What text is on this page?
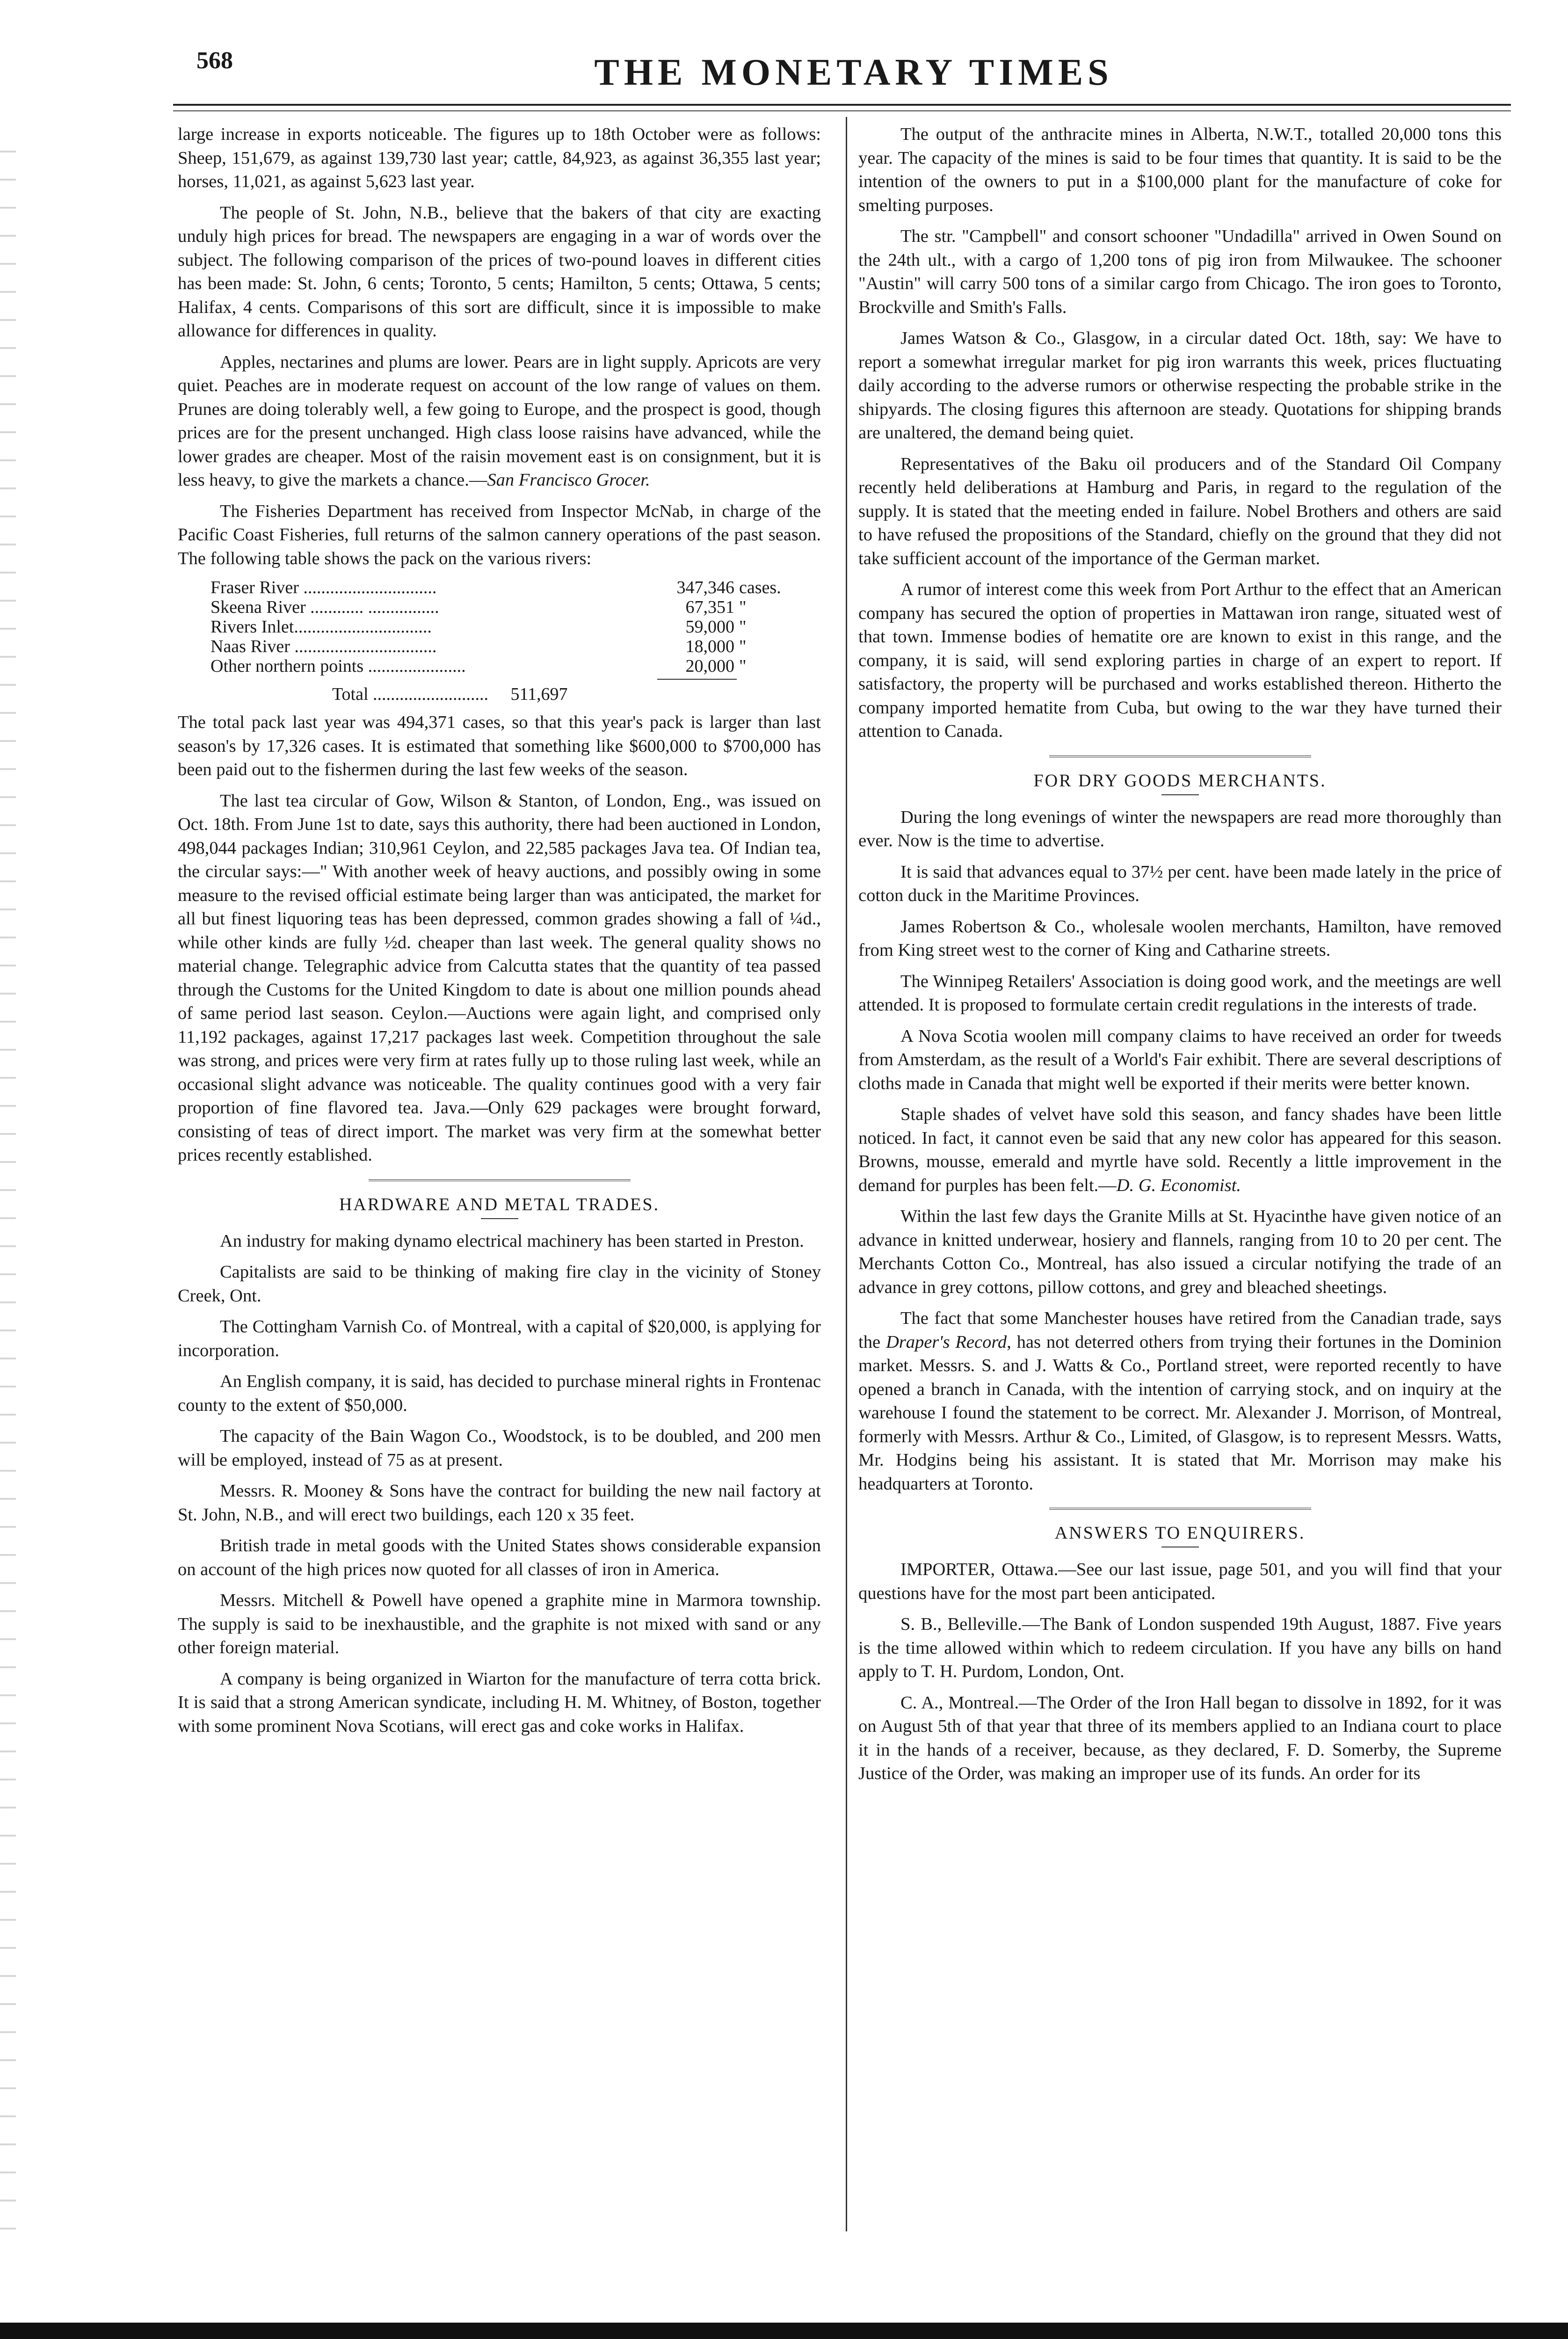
568	THE MONETARY TIMES

large increase in exports noticeable. The figures up to 18th October were as follows: Sheep, 151,679, as against 139,730 last year; cattle, 84,923, as against 36,355 last year; horses, 11,021, as against 5,623 last year.

The people of St. John, N.B., believe that the bakers of that city are exacting unduly high prices for bread. The newspapers are engaging in a war of words over the subject. The following comparison of the prices of two-pound loaves in different cities has been made: St. John, 6 cents; Toronto, 5 cents; Hamilton, 5 cents; Ottawa, 5 cents; Halifax, 4 cents. Comparisons of this sort are difficult, since it is impossible to make allowance for differences in quality.

Apples, nectarines and plums are lower. Pears are in light supply. Apricots are very quiet. Peaches are in moderate request on account of the low range of values on them. Prunes are doing tolerably well, a few going to Europe, and the prospect is good, though prices are for the present unchanged. High class loose raisins have advanced, while the lower grades are cheaper. Most of the raisin movement east is on consignment, but it is less heavy, to give the markets a chance.—San Francisco Grocer.

The Fisheries Department has received from Inspector McNab, in charge of the Pacific Coast Fisheries, full returns of the salmon cannery operations of the past season. The following table shows the pack on the various rivers:

Fraser River ..............................	347,346	cases.
Skeena River ............ ................	67,351	"
Rivers Inlet...............................	59,000	"
Naas River ................................	18,000	"
Other northern points ......................	20,000	"
Total .......................... 511,697

The total pack last year was 494,371 cases, so that this year's pack is larger than last season's by 17,326 cases. It is estimated that something like $600,000 to $700,000 has been paid out to the fishermen during the last few weeks of the season.

The last tea circular of Gow, Wilson & Stanton, of London, Eng., was issued on Oct. 18th. From June 1st to date, says this authority, there had been auctioned in London, 498,044 packages Indian; 310,961 Ceylon, and 22,585 packages Java tea. Of Indian tea, the circular says:—" With another week of heavy auctions, and possibly owing in some measure to the revised official estimate being larger than was anticipated, the market for all but finest liquoring teas has been depressed, common grades showing a fall of ¼d., while other kinds are fully ½d. cheaper than last week. The general quality shows no material change. Telegraphic advice from Calcutta states that the quantity of tea passed through the Customs for the United Kingdom to date is about one million pounds ahead of same period last season. Ceylon.—Auctions were again light, and comprised only 11,192 packages, against 17,217 packages last week. Competition throughout the sale was strong, and prices were very firm at rates fully up to those ruling last week, while an occasional slight advance was noticeable. The quality continues good with a very fair proportion of fine flavored tea. Java.—Only 629 packages were brought forward, consisting of teas of direct import. The market was very firm at the somewhat better prices recently established.

HARDWARE AND METAL TRADES.

An industry for making dynamo electrical machinery has been started in Preston.

Capitalists are said to be thinking of making fire clay in the vicinity of Stoney Creek, Ont.

The Cottingham Varnish Co. of Montreal, with a capital of $20,000, is applying for incorporation.

An English company, it is said, has decided to purchase mineral rights in Frontenac county to the extent of $50,000.

The capacity of the Bain Wagon Co., Woodstock, is to be doubled, and 200 men will be employed, instead of 75 as at present.

Messrs. R. Mooney & Sons have the contract for building the new nail factory at St. John, N.B., and will erect two buildings, each 120 x 35 feet.

British trade in metal goods with the United States shows considerable expansion on account of the high prices now quoted for all classes of iron in America.

Messrs. Mitchell & Powell have opened a graphite mine in Marmora township. The supply is said to be inexhaustible, and the graphite is not mixed with sand or any other foreign material.

A company is being organized in Wiarton for the manufacture of terra cotta brick. It is said that a strong American syndicate, including H. M. Whitney, of Boston, together with some prominent Nova Scotians, will erect gas and coke works in Halifax.

The output of the anthracite mines in Alberta, N.W.T., totalled 20,000 tons this year. The capacity of the mines is said to be four times that quantity. It is said to be the intention of the owners to put in a $100,000 plant for the manufacture of coke for smelting purposes.

The str. "Campbell" and consort schooner "Undadilla" arrived in Owen Sound on the 24th ult., with a cargo of 1,200 tons of pig iron from Milwaukee. The schooner "Austin" will carry 500 tons of a similar cargo from Chicago. The iron goes to Toronto, Brockville and Smith's Falls.

James Watson & Co., Glasgow, in a circular dated Oct. 18th, say: We have to report a somewhat irregular market for pig iron warrants this week, prices fluctuating daily according to the adverse rumors or otherwise respecting the probable strike in the shipyards. The closing figures this afternoon are steady. Quotations for shipping brands are unaltered, the demand being quiet.

Representatives of the Baku oil producers and of the Standard Oil Company recently held deliberations at Hamburg and Paris, in regard to the regulation of the supply. It is stated that the meeting ended in failure. Nobel Brothers and others are said to have refused the propositions of the Standard, chiefly on the ground that they did not take sufficient account of the importance of the German market.

A rumor of interest come this week from Port Arthur to the effect that an American company has secured the option of properties in Mattawan iron range, situated west of that town. Immense bodies of hematite ore are known to exist in this range, and the company, it is said, will send exploring parties in charge of an expert to report. If satisfactory, the property will be purchased and works established thereon. Hitherto the company imported hematite from Cuba, but owing to the war they have turned their attention to Canada.

FOR DRY GOODS MERCHANTS.

During the long evenings of winter the newspapers are read more thoroughly than ever. Now is the time to advertise.

It is said that advances equal to 37½ per cent. have been made lately in the price of cotton duck in the Maritime Provinces.

James Robertson & Co., wholesale woolen merchants, Hamilton, have removed from King street west to the corner of King and Catharine streets.

The Winnipeg Retailers' Association is doing good work, and the meetings are well attended. It is proposed to formulate certain credit regulations in the interests of trade.

A Nova Scotia woolen mill company claims to have received an order for tweeds from Amsterdam, as the result of a World's Fair exhibit. There are several descriptions of cloths made in Canada that might well be exported if their merits were better known.

Staple shades of velvet have sold this season, and fancy shades have been little noticed. In fact, it cannot even be said that any new color has appeared for this season. Browns, mousse, emerald and myrtle have sold. Recently a little improvement in the demand for purples has been felt.—D. G. Economist.

Within the last few days the Granite Mills at St. Hyacinthe have given notice of an advance in knitted underwear, hosiery and flannels, ranging from 10 to 20 per cent. The Merchants Cotton Co., Montreal, has also issued a circular notifying the trade of an advance in grey cottons, pillow cottons, and grey and bleached sheetings.

The fact that some Manchester houses have retired from the Canadian trade, says the Draper's Record, has not deterred others from trying their fortunes in the Dominion market. Messrs. S. and J. Watts & Co., Portland street, were reported recently to have opened a branch in Canada, with the intention of carrying stock, and on inquiry at the warehouse I found the statement to be correct. Mr. Alexander J. Morrison, of Montreal, formerly with Messrs. Arthur & Co., Limited, of Glasgow, is to represent Messrs. Watts, Mr. Hodgins being his assistant. It is stated that Mr. Morrison may make his headquarters at Toronto.

ANSWERS TO ENQUIRERS.

IMPORTER, Ottawa.—See our last issue, page 501, and you will find that your questions have for the most part been anticipated.

S. B., Belleville.—The Bank of London suspended 19th August, 1887. Five years is the time allowed within which to redeem circulation. If you have any bills on hand apply to T. H. Purdom, London, Ont.

C. A., Montreal.—The Order of the Iron Hall began to dissolve in 1892, for it was on August 5th of that year that three of its members applied to an Indiana court to place it in the hands of a receiver, because, as they declared, F. D. Somerby, the Supreme Justice of the Order, was making an improper use of its funds. An order for its
